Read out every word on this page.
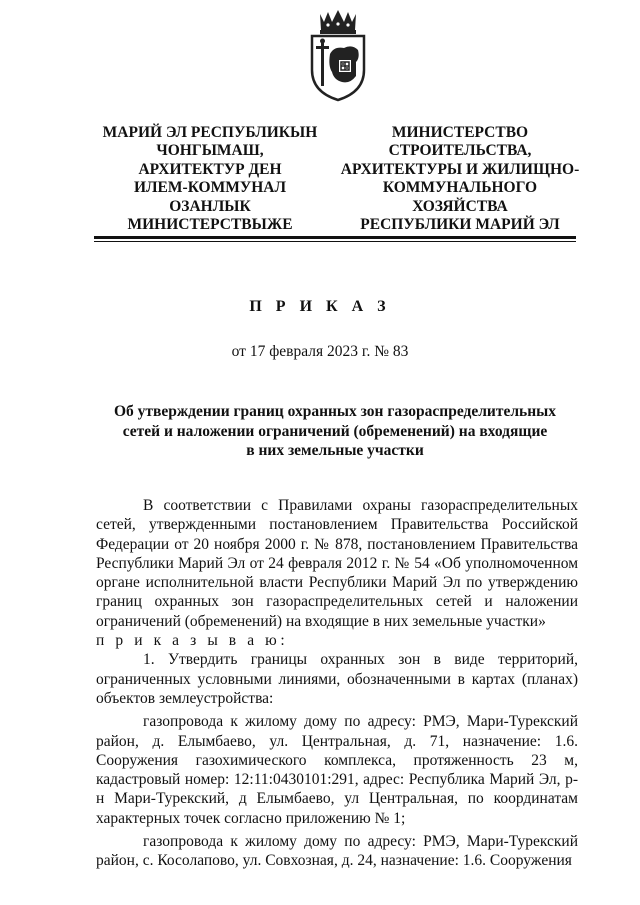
МАРИЙ ЭЛ РЕСПУБЛИКЫН
ЧОНГЫМАШ,
АРХИТЕКТУР ДЕН
ИЛЕМ-КОММУНАЛ
ОЗАНЛЫК
МИНИСТЕРСТВЫЖЕ
МИНИСТЕРСТВО
СТРОИТЕЛЬСТВА,
АРХИТЕКТУРЫ И ЖИЛИЩНО-
КОММУНАЛЬНОГО
ХОЗЯЙСТВА
РЕСПУБЛИКИ МАРИЙ ЭЛ
П Р И К А З
от 17 февраля 2023 г. № 83
Об утверждении границ охранных зон газораспределительных
сетей и наложении ограничений (обременений) на входящие
в них земельные участки

В соответствии с Правилами охраны газораспределительных сетей, утвержденными постановлением Правительства Российской Федерации от 20 ноября 2000 г. № 878, постановлением Правительства Республики Марий Эл от 24 февраля 2012 г. № 54 «Об уполномоченном органе исполнительной власти Республики Марий Эл по утверждению границ охранных зон газораспределительных сетей и наложении ограничений (обременений) на входящие в них земельные участки»

п р и к а з ы в а ю:

1. Утвердить границы охранных зон в виде территорий, ограниченных условными линиями, обозначенными в картах (планах) объектов землеустройства:

газопровода к жилому дому по адресу: РМЭ, Мари-Турекский район, д. Елымбаево, ул. Центральная, д. 71, назначение: 1.6. Сооружения газохимического комплекса, протяженность 23 м, кадастровый номер: 12:11:0430101:291, адрес: Республика Марий Эл, р-н Мари-Турекский, д Елымбаево, ул Центральная, по координатам характерных точек согласно приложению № 1;

газопровода к жилому дому по адресу: РМЭ, Мари-Турекский район, с. Косолапово, ул. Совхозная, д. 24, назначение: 1.6. Сооружения
